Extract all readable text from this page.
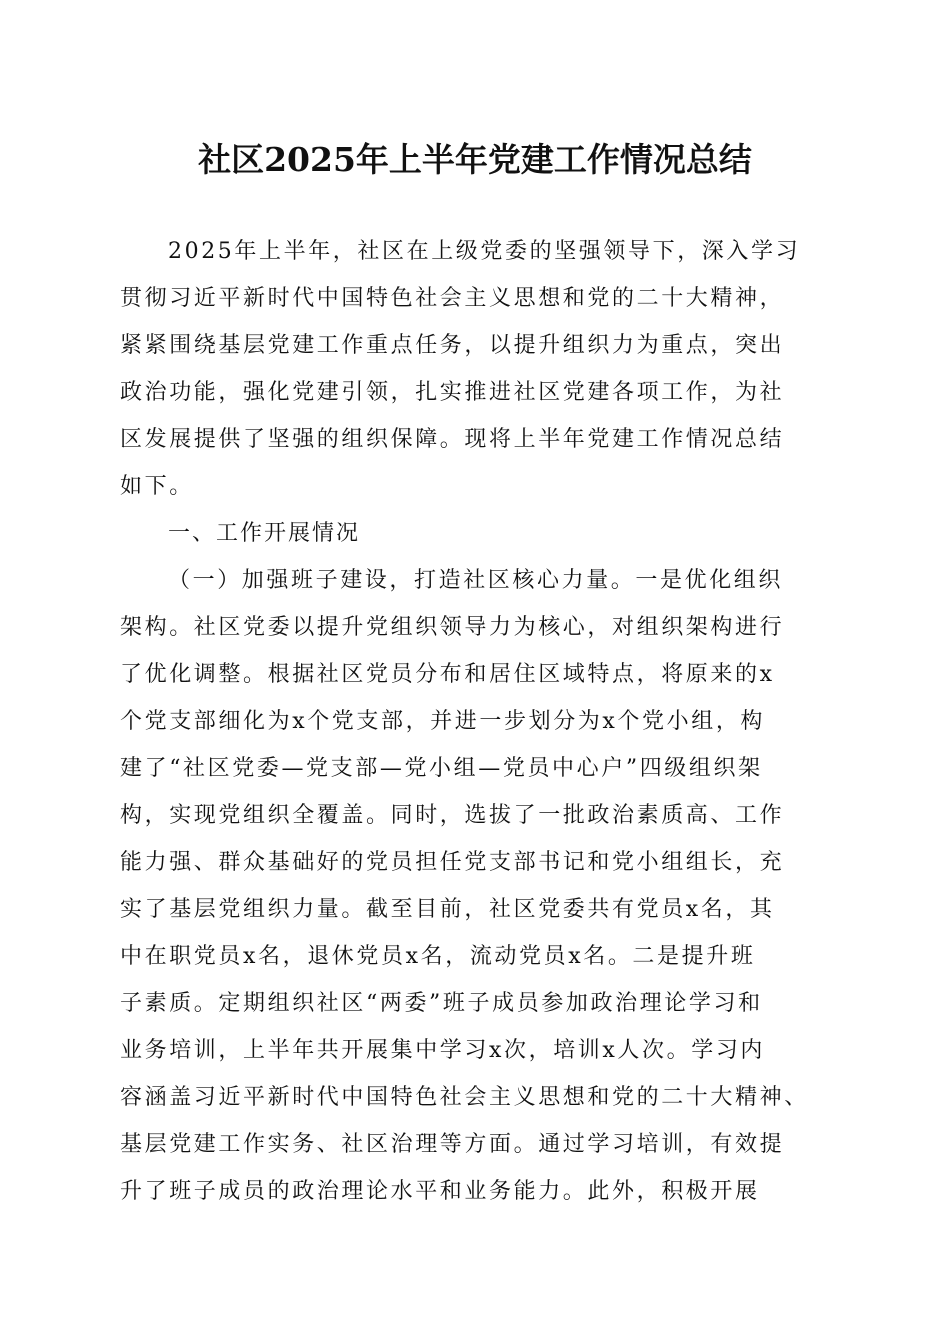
社区2025年上半年党建工作情况总结
2025年上半年，社区在上级党委的坚强领导下，深入学习
贯彻习近平新时代中国特色社会主义思想和党的二十大精神，
紧紧围绕基层党建工作重点任务，以提升组织力为重点，突出
政治功能，强化党建引领，扎实推进社区党建各项工作，为社
区发展提供了坚强的组织保障。现将上半年党建工作情况总结
如下。
一、工作开展情况
（一）加强班子建设，打造社区核心力量。一是优化组织
架构。社区党委以提升党组织领导力为核心，对组织架构进行
了优化调整。根据社区党员分布和居住区域特点，将原来的x
个党支部细化为x个党支部，并进一步划分为x个党小组，构
建了“社区党委—党支部—党小组—党员中心户”四级组织架
构，实现党组织全覆盖。同时，选拔了一批政治素质高、工作
能力强、群众基础好的党员担任党支部书记和党小组组长，充
实了基层党组织力量。截至目前，社区党委共有党员x名，其
中在职党员x名，退休党员x名，流动党员x名。二是提升班
子素质。定期组织社区“两委”班子成员参加政治理论学习和
业务培训，上半年共开展集中学习x次，培训x人次。学习内
容涵盖习近平新时代中国特色社会主义思想和党的二十大精神、
基层党建工作实务、社区治理等方面。通过学习培训，有效提
升了班子成员的政治理论水平和业务能力。此外，积极开展
